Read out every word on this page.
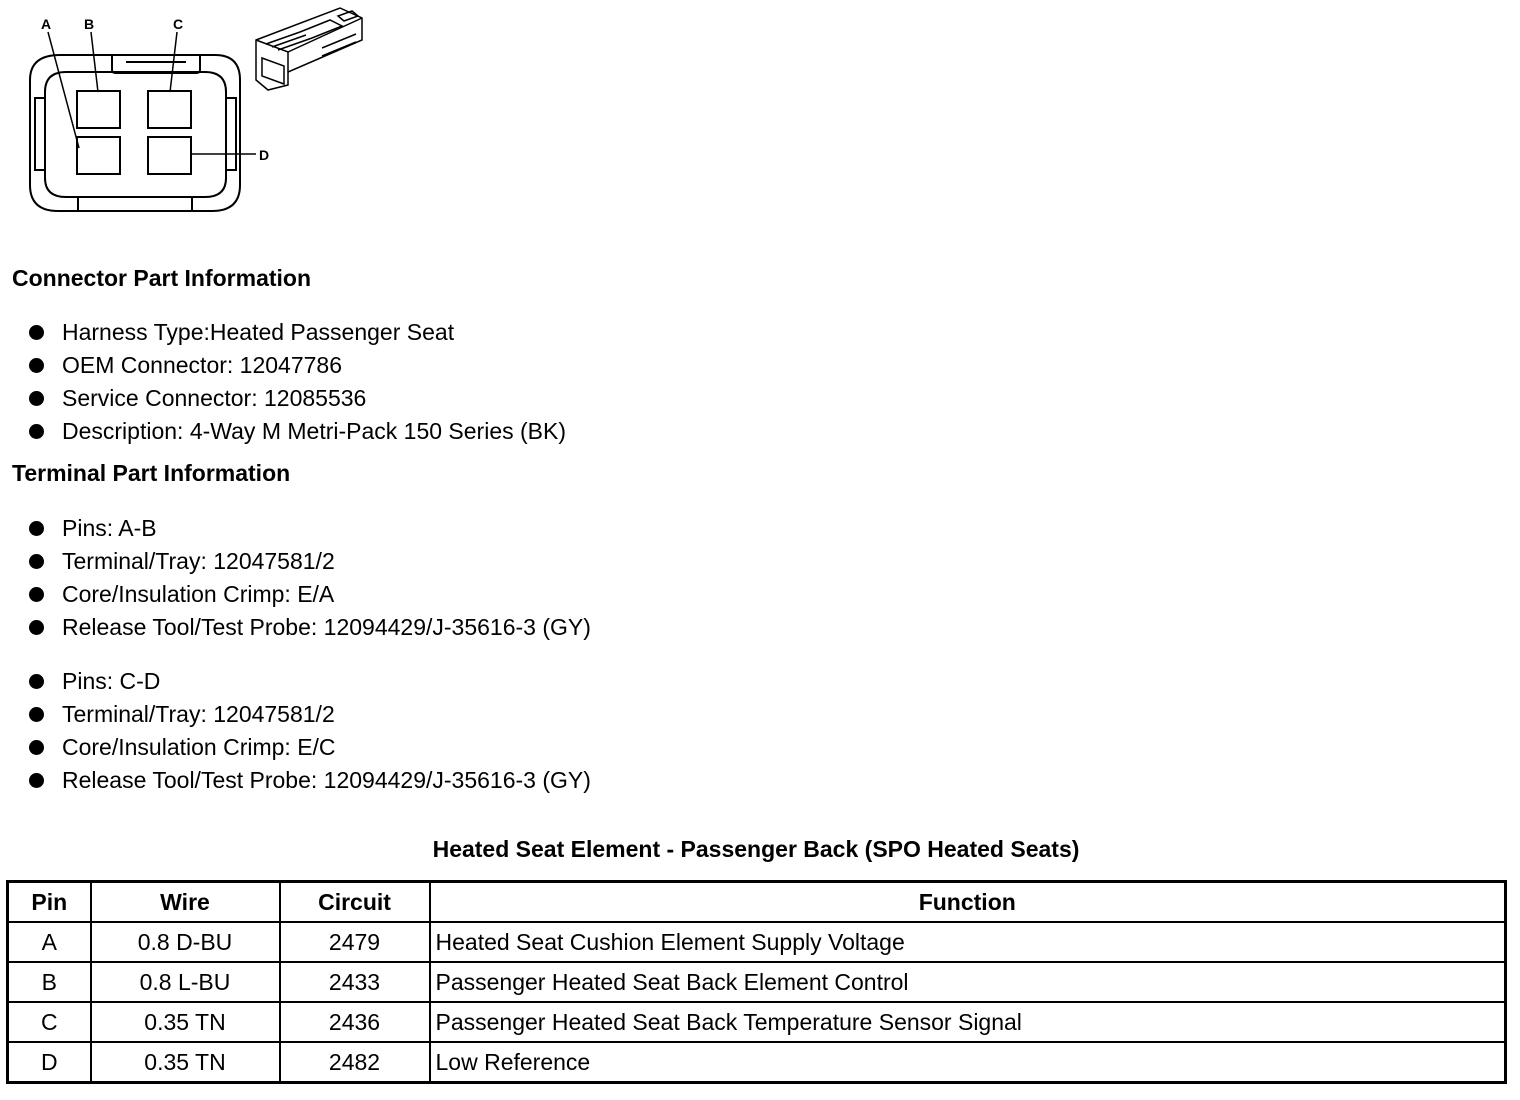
A B	C
D
Connector Part Information
Harness Type:Heated Passenger Seat
OEM Connector: 12047786
Service Connector: 12085536
Description: 4-Way M Metri-Pack 150 Series (BK)
Terminal Part Information
Pins: A-B
Terminal/Tray: 12047581/2
Core/Insulation Crimp: E/A
Release Tool/Test Probe: 12094429/J-35616-3 (GY)
Pins: C-D
Terminal/Tray: 12047581/2
Core/Insulation Crimp: E/C
Release Tool/Test Probe: 12094429/J-35616-3 (GY)
Heated Seat Element - Passenger Back (SPO Heated Seats)
Pin	Wire	Circuit	Function
A	0.8 D-BU	2479	Heated Seat Cushion Element Supply Voltage
B	0.8 L-BU	2433	Passenger Heated Seat Back Element Control
C	0.35 TN	2436	Passenger Heated Seat Back Temperature Sensor Signal
D	0.35 TN	2482	Low Reference
